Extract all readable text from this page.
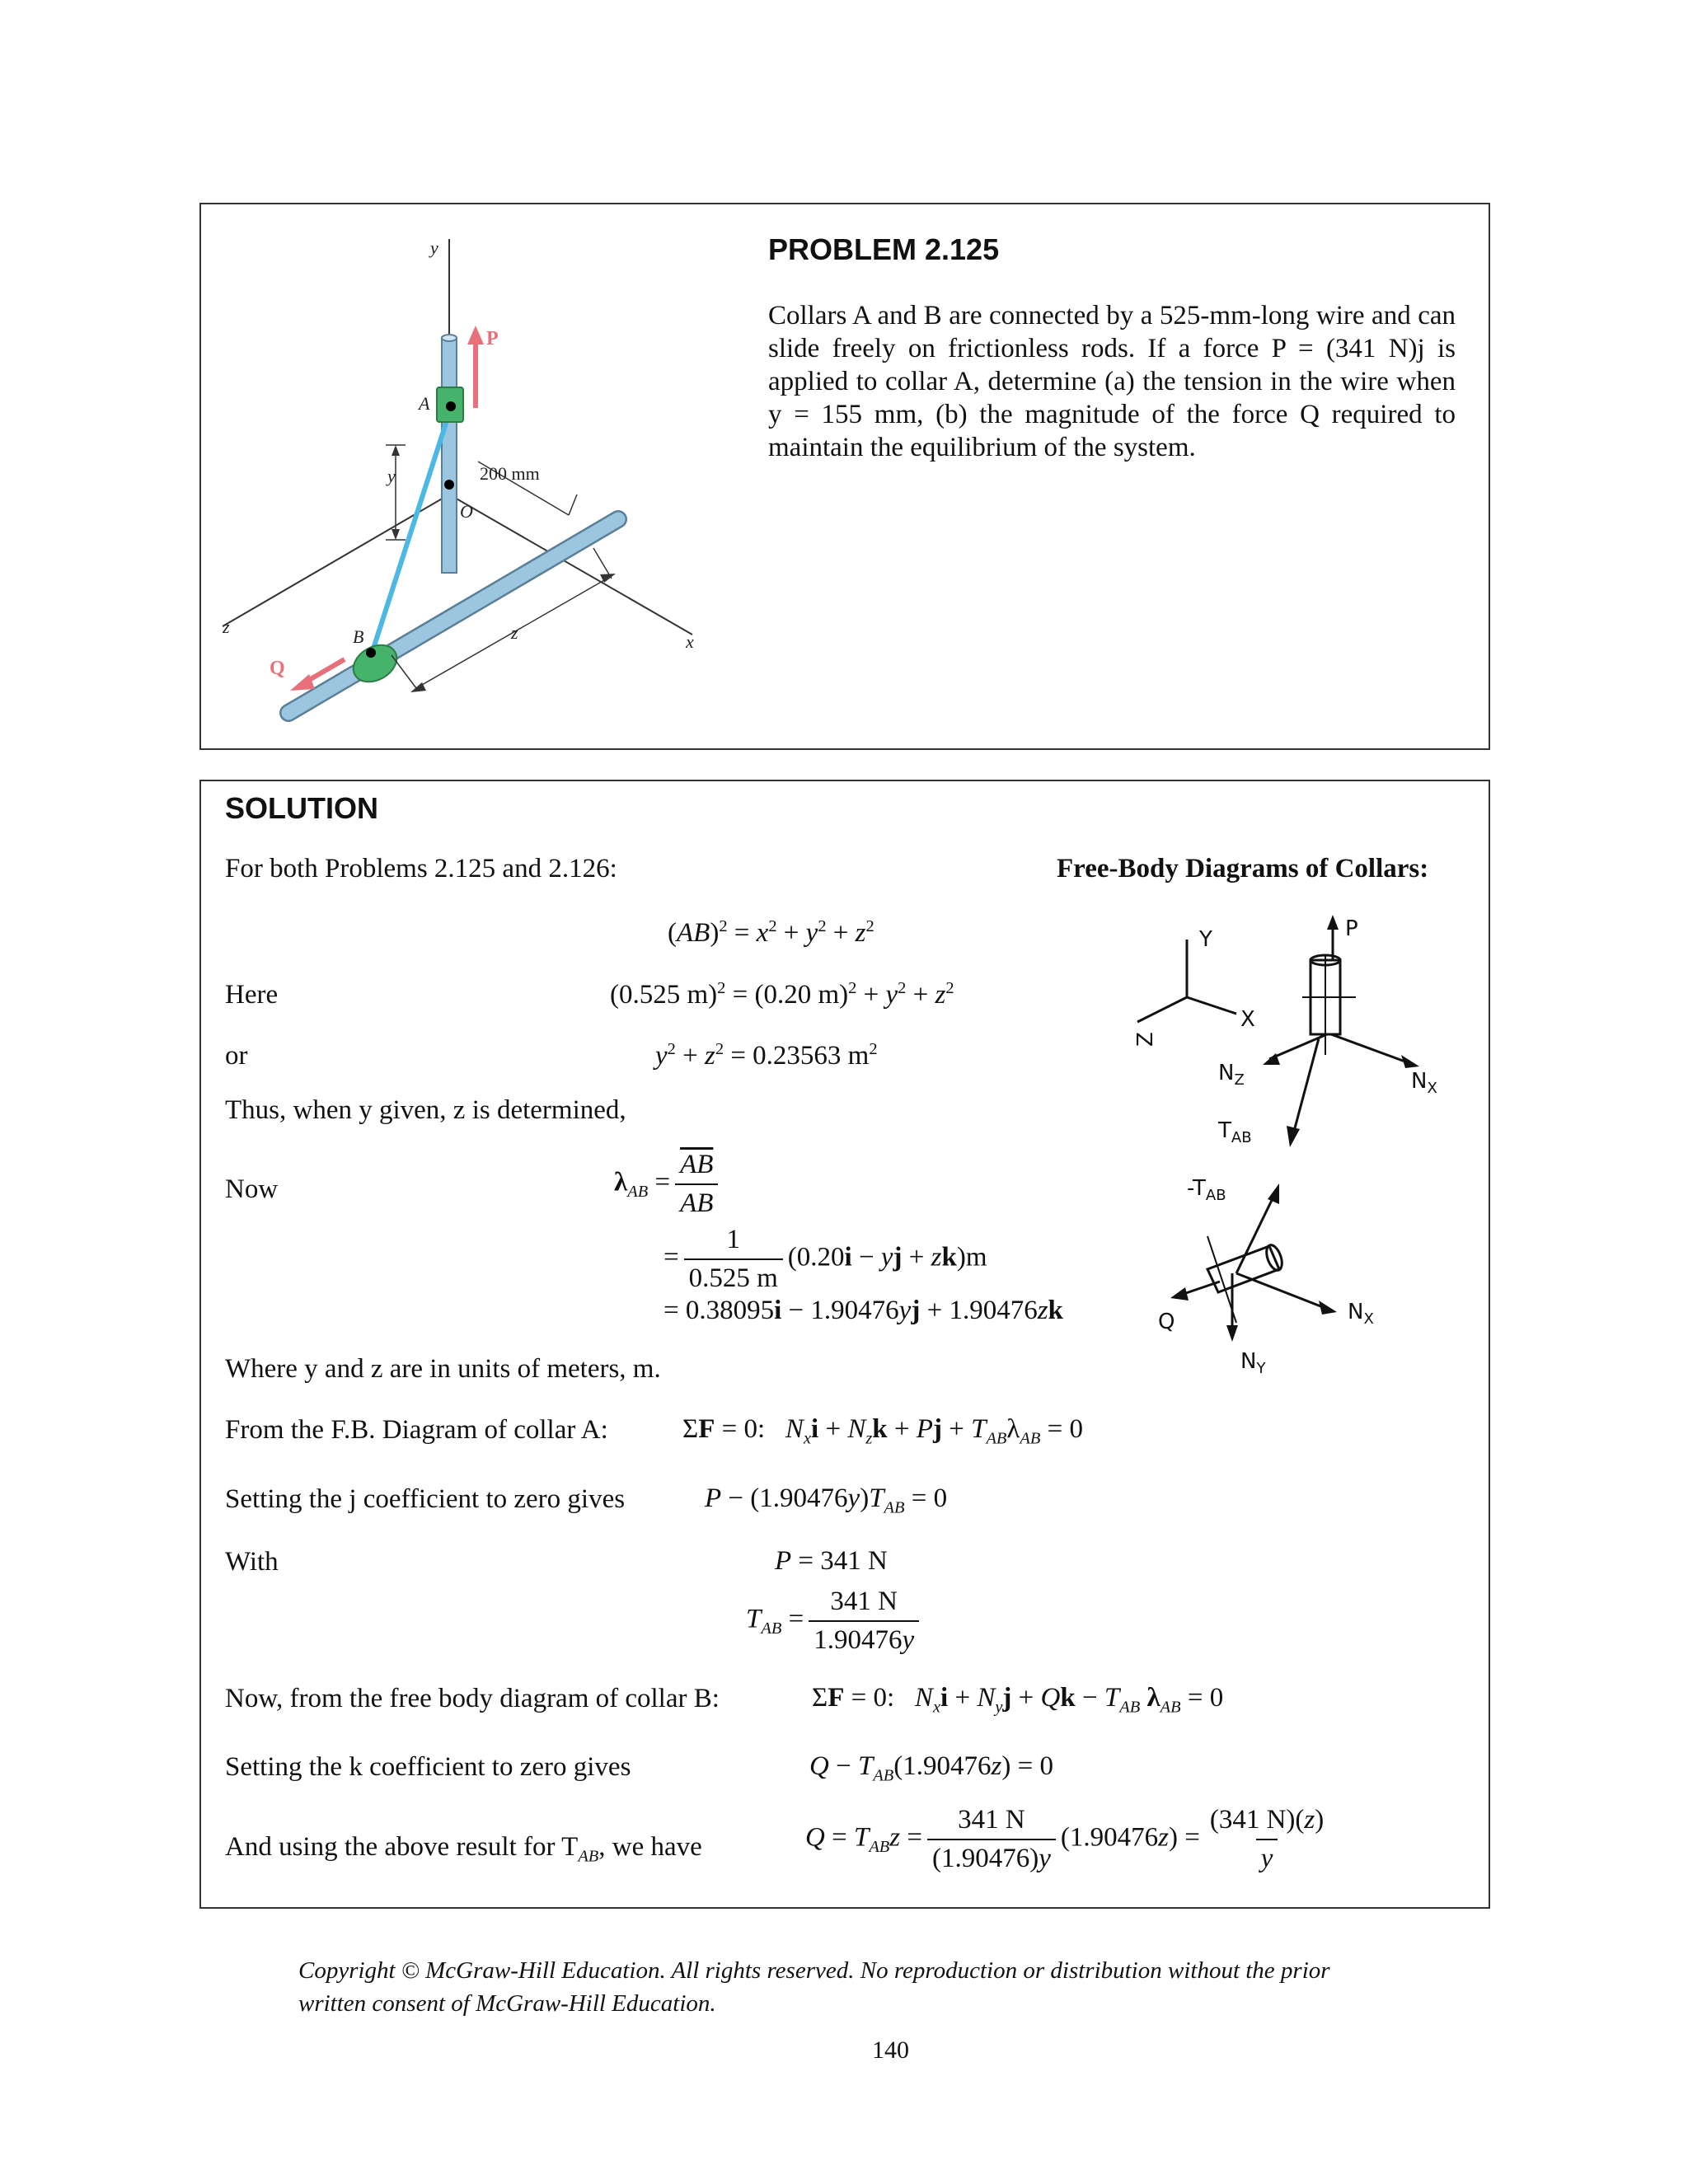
y
x
z
A
B
O
P
Q
200 mm
y
z
PROBLEM 2.125
Collars A and B are connected by a 525-mm-long wire and can slide freely on frictionless rods. If a force P = (341 N)j is applied to collar A, determine (a) the tension in the wire when y = 155 mm, (b) the magnitude of the force Q required to maintain the equilibrium of the system.
SOLUTION
For both Problems 2.125 and 2.126:	Free-Body Diagrams of Collars:
$(AB)^2 = x^2 + y^2 + z^2$
Here	(0.525 m)$^2$ = (0.20 $m)^2 + y^2 + z^2$
or	$y^2 + z^2 = 0.23563$ $m^2$
Thus, when y given, z is determined,
Now	$\lambda_{AB} = \frac{\overline{AB}}{AB}$
= $\frac{1}{0.525 m} (0.20i$ − yj + zk)m
= 0.38095i − 1.90476yj + 1.90476zk
Where y and z are in units of meters, m.
From the F.B. Diagram of collar A:	ΣF = 0:   $N_xi + N_zk + Pj + T_{AB}\lambda_{AB} = 0$
Setting the j coefficient to zero gives	$P - (1.90476y)T_{AB} = 0$
With	P = 341 N
$T_{AB} = \frac{341 N}{1.90476y}$
Now, from the free body diagram of collar B:	ΣF = 0:   $N_xi + N_yj + Qk - T_{AB}$ $\lambda_{AB} = 0$
Setting the k coefficient to zero gives	$Q - T_{AB}(1.90476z) = 0$
And using the above result for $T_{AB}$, we have	$Q = T_{AB}z = \frac{341 N}{(1.90476)y} (1.90476z) = \frac{(341 N)(z)}{y}$
Y
X
Z
P
$N_X$
$N_Z$
$T_{AB}$
$-T_{AB}$
$N_X$
Q
$N_Y$
Copyright © McGraw-Hill Education. All rights reserved. No reproduction or distribution without the prior
written consent of McGraw-Hill Education.
140
